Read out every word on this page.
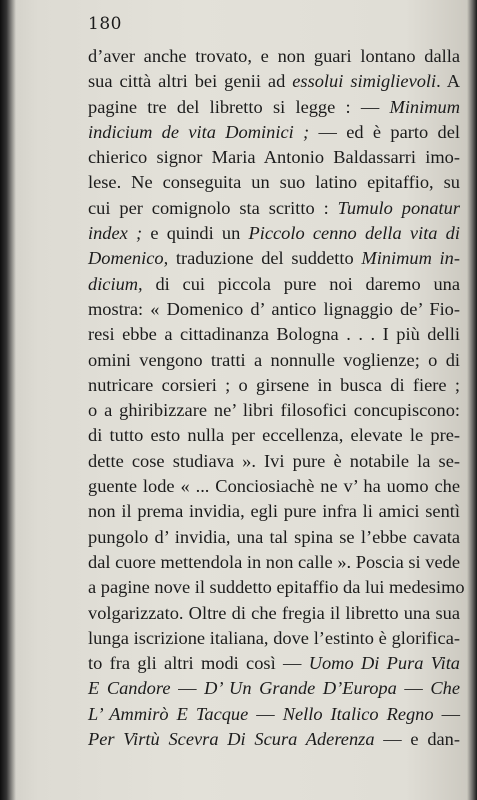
180
d’aver anche trovato, e non guari lontano dalla
sua città altri bei genii ad essolui simiglievoli. A
pagine tre del libretto si legge : — Minimum
indicium de vita Dominici ; — ed è parto del
chierico signor Maria Antonio Baldassarri imo-
lese. Ne conseguita un suo latino epitaffio, su
cui per comignolo sta scritto : Tumulo ponatur
index ; e quindi un Piccolo cenno della vita di
Domenico, traduzione del suddetto Minimum in-
dicium, di cui piccola pure noi daremo una
mostra: « Domenico d’ antico lignaggio de’ Fio-
resi ebbe a cittadinanza Bologna . . . I più delli
omini vengono tratti a nonnulle voglienze; o di
nutricare corsieri ; o girsene in busca di fiere ;
o a ghiribizzare ne’ libri filosofici concupiscono:
di tutto esto nulla per eccellenza, elevate le pre-
dette cose studiava ». Ivi pure è notabile la se-
guente lode « ... Conciosiachè ne v’ ha uomo che
non il prema invidia, egli pure infra li amici sentì
pungolo d’ invidia, una tal spina se l’ebbe cavata
dal cuore mettendola in non calle ». Poscia si vede
a pagine nove il suddetto epitaffio da lui medesimo
volgarizzato. Oltre di che fregia il libretto una sua
lunga iscrizione italiana, dove l’estinto è glorifica-
to fra gli altri modi così — Uomo Di Pura Vita
E Candore — D’ Un Grande D’Europa — Che
L’ Ammirò E Tacque — Nello Italico Regno —
Per Virtù Scevra Di Scura Aderenza — e dan-
